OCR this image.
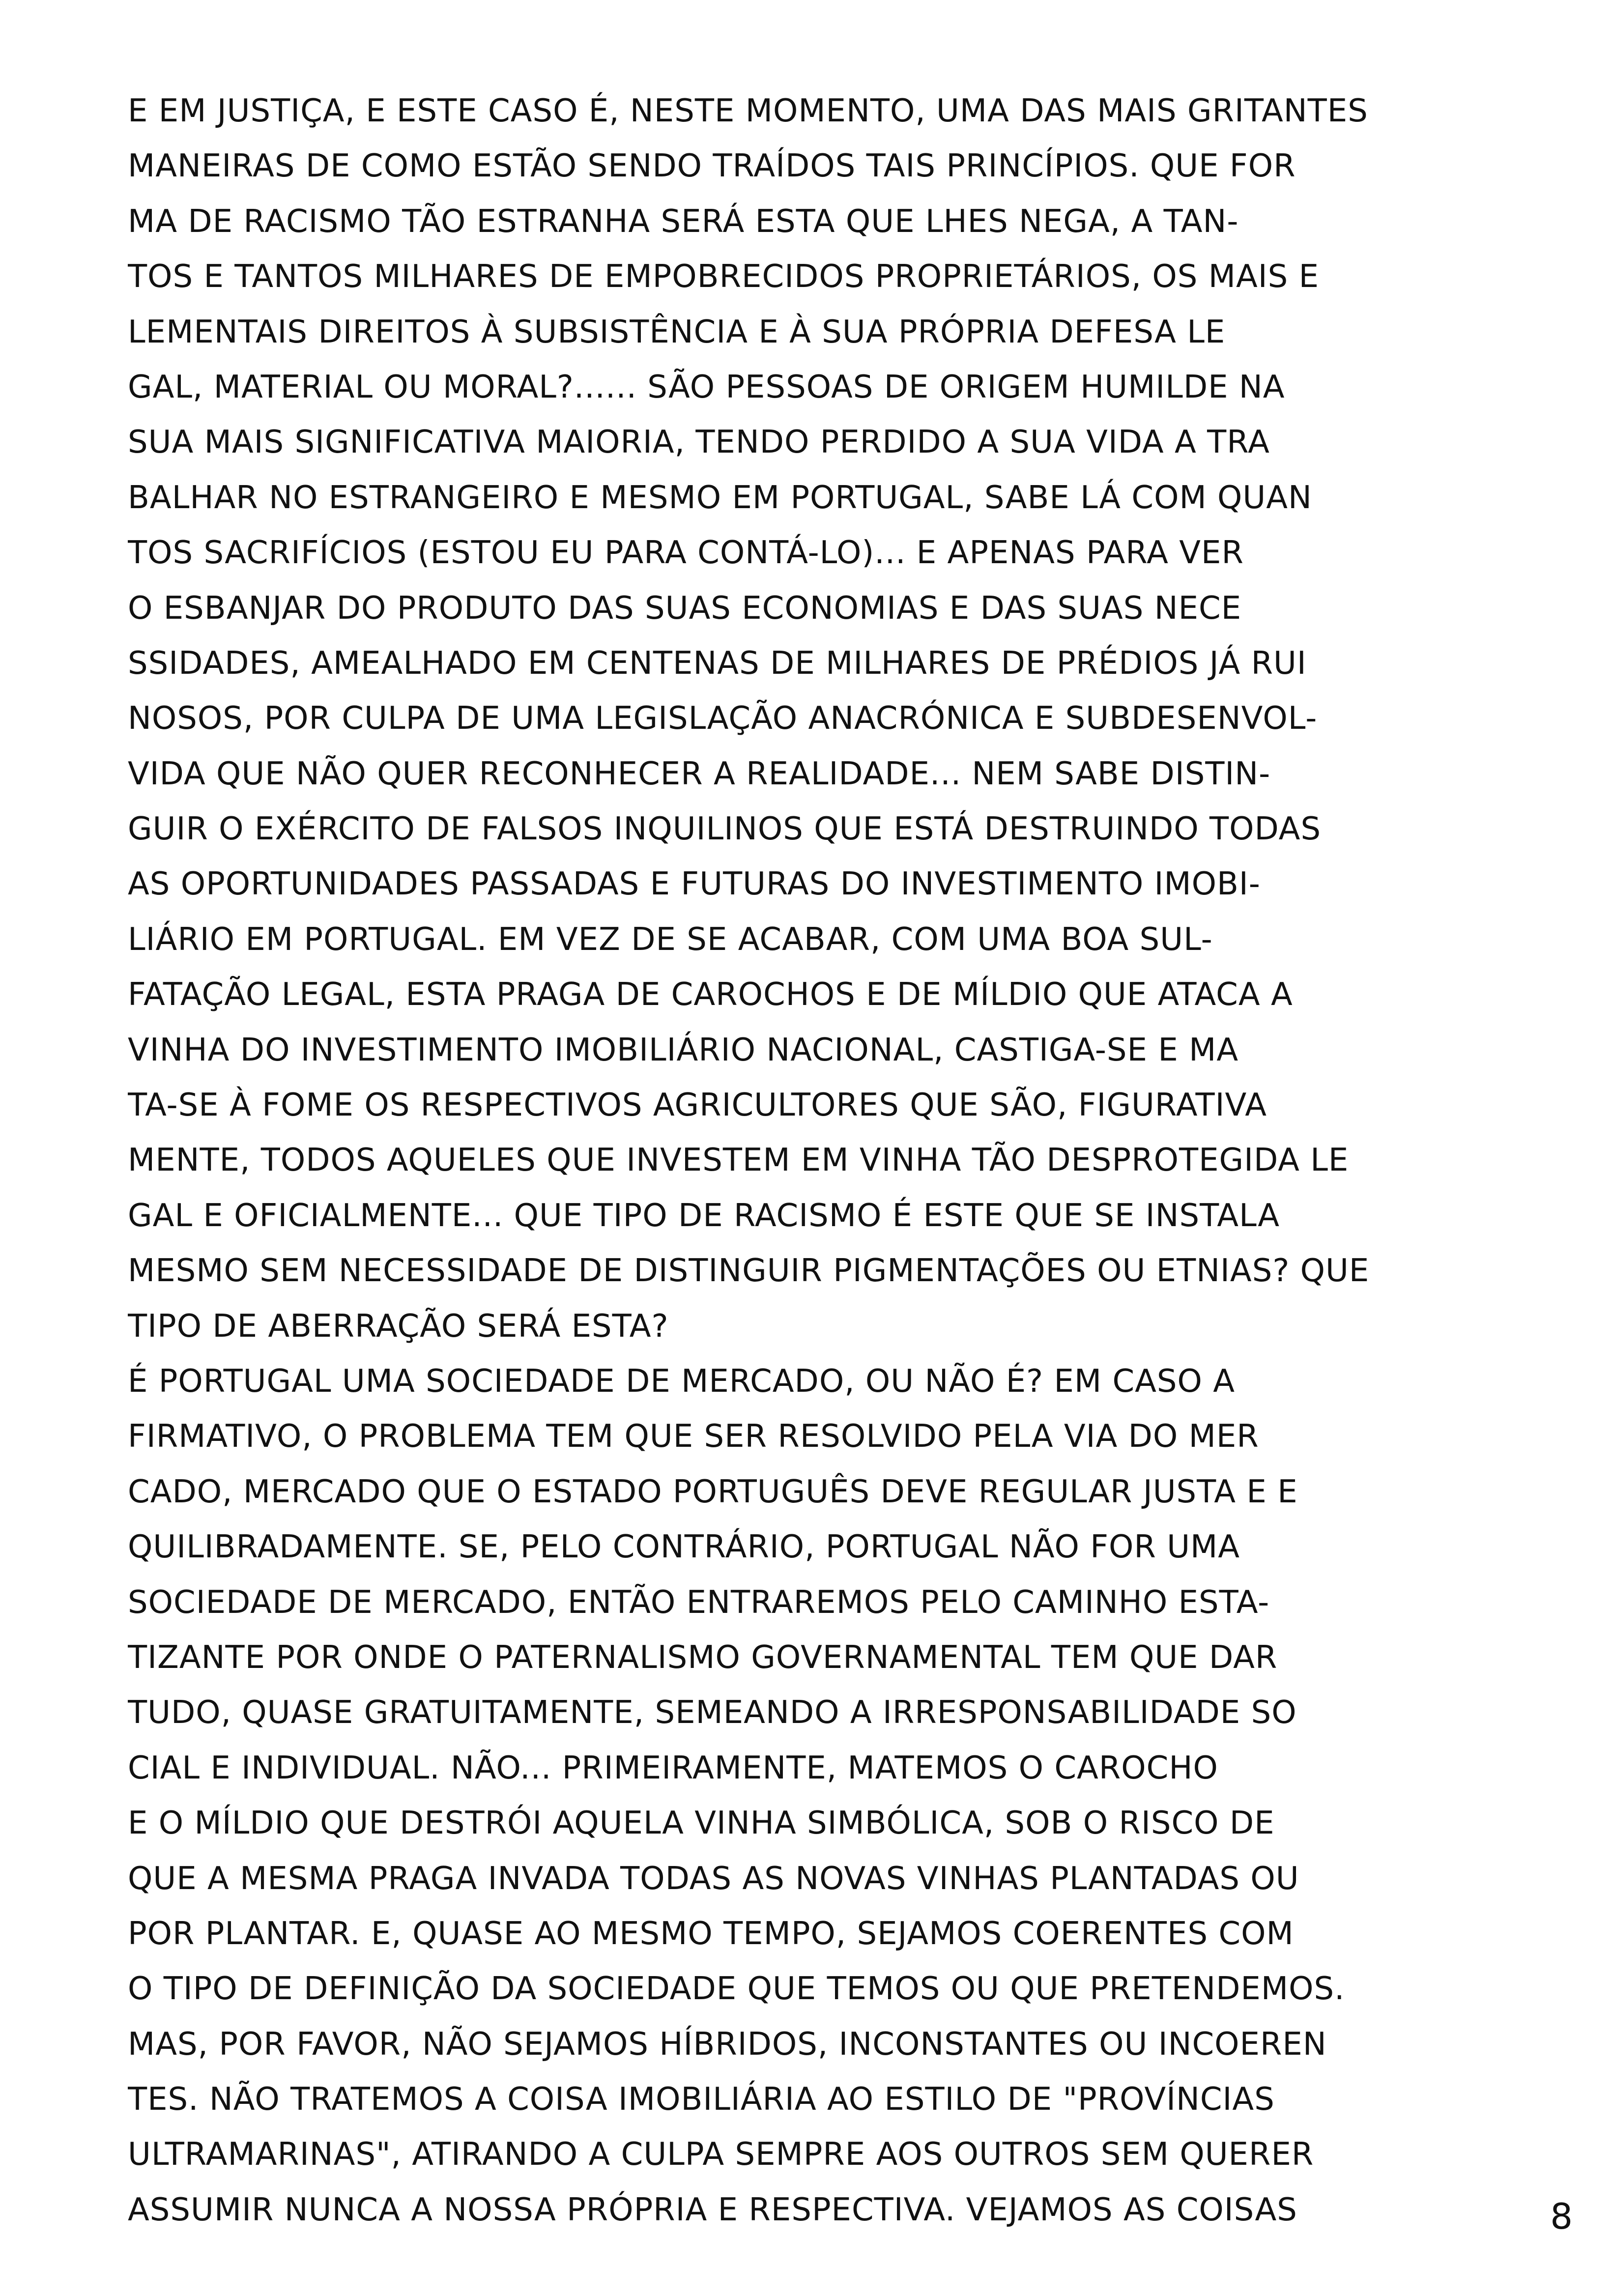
E EM JUSTIÇA, E ESTE CASO É, NESTE MOMENTO, UMA DAS MAIS GRITANTES
MANEIRAS DE COMO ESTÃO SENDO TRAÍDOS TAIS PRINCÍPIOS. QUE FOR
MA DE RACISMO TÃO ESTRANHA SERÁ ESTA QUE LHES NEGA, A TAN-
TOS E TANTOS MILHARES DE EMPOBRECIDOS PROPRIETÁRIOS, OS MAIS E
LEMENTAIS DIREITOS À SUBSISTÊNCIA E À SUA PRÓPRIA DEFESA LE
GAL, MATERIAL OU MORAL?...... SÃO PESSOAS DE ORIGEM HUMILDE NA
SUA MAIS SIGNIFICATIVA MAIORIA, TENDO PERDIDO A SUA VIDA A TRA
BALHAR NO ESTRANGEIRO E MESMO EM PORTUGAL, SABE LÁ COM QUAN
TOS SACRIFÍCIOS (ESTOU EU PARA CONTÁ-LO)... E APENAS PARA VER
O ESBANJAR DO PRODUTO DAS SUAS ECONOMIAS E DAS SUAS NECE
SSIDADES, AMEALHADO EM CENTENAS DE MILHARES DE PRÉDIOS JÁ RUI
NOSOS, POR CULPA DE UMA LEGISLAÇÃO ANACRÓNICA E SUBDESENVOL-
VIDA QUE NÃO QUER RECONHECER A REALIDADE... NEM SABE DISTIN-
GUIR O EXÉRCITO DE FALSOS INQUILINOS QUE ESTÁ DESTRUINDO TODAS
AS OPORTUNIDADES PASSADAS E FUTURAS DO INVESTIMENTO IMOBI-
LIÁRIO EM PORTUGAL. EM VEZ DE SE ACABAR, COM UMA BOA SUL-
FATAÇÃO LEGAL, ESTA PRAGA DE CAROCHOS E DE MÍLDIO QUE ATACA A
VINHA DO INVESTIMENTO IMOBILIÁRIO NACIONAL, CASTIGA-SE E MA
TA-SE À FOME OS RESPECTIVOS AGRICULTORES QUE SÃO, FIGURATIVA
MENTE, TODOS AQUELES QUE INVESTEM EM VINHA TÃO DESPROTEGIDA LE
GAL E OFICIALMENTE... QUE TIPO DE RACISMO É ESTE QUE SE INSTALA
MESMO SEM NECESSIDADE DE DISTINGUIR PIGMENTAÇÕES OU ETNIAS? QUE
TIPO DE ABERRAÇÃO SERÁ ESTA?
É PORTUGAL UMA SOCIEDADE DE MERCADO, OU NÃO É? EM CASO A
FIRMATIVO, O PROBLEMA TEM QUE SER RESOLVIDO PELA VIA DO MER
CADO, MERCADO QUE O ESTADO PORTUGUÊS DEVE REGULAR JUSTA E E
QUILIBRADAMENTE. SE, PELO CONTRÁRIO, PORTUGAL NÃO FOR UMA
SOCIEDADE DE MERCADO, ENTÃO ENTRAREMOS PELO CAMINHO ESTA-
TIZANTE POR ONDE O PATERNALISMO GOVERNAMENTAL TEM QUE DAR
TUDO, QUASE GRATUITAMENTE, SEMEANDO A IRRESPONSABILIDADE SO
CIAL E INDIVIDUAL. NÃO... PRIMEIRAMENTE, MATEMOS O CAROCHO
E O MÍLDIO QUE DESTRÓI AQUELA VINHA SIMBÓLICA, SOB O RISCO DE
QUE A MESMA PRAGA INVADA TODAS AS NOVAS VINHAS PLANTADAS OU
POR PLANTAR. E, QUASE AO MESMO TEMPO, SEJAMOS COERENTES COM
O TIPO DE DEFINIÇÃO DA SOCIEDADE QUE TEMOS OU QUE PRETENDEMOS.
MAS, POR FAVOR, NÃO SEJAMOS HÍBRIDOS, INCONSTANTES OU INCOEREN
TES. NÃO TRATEMOS A COISA IMOBILIÁRIA AO ESTILO DE "PROVÍNCIAS
ULTRAMARINAS", ATIRANDO A CULPA SEMPRE AOS OUTROS SEM QUERER
ASSUMIR NUNCA A NOSSA PRÓPRIA E RESPECTIVA. VEJAMOS AS COISAS	8
